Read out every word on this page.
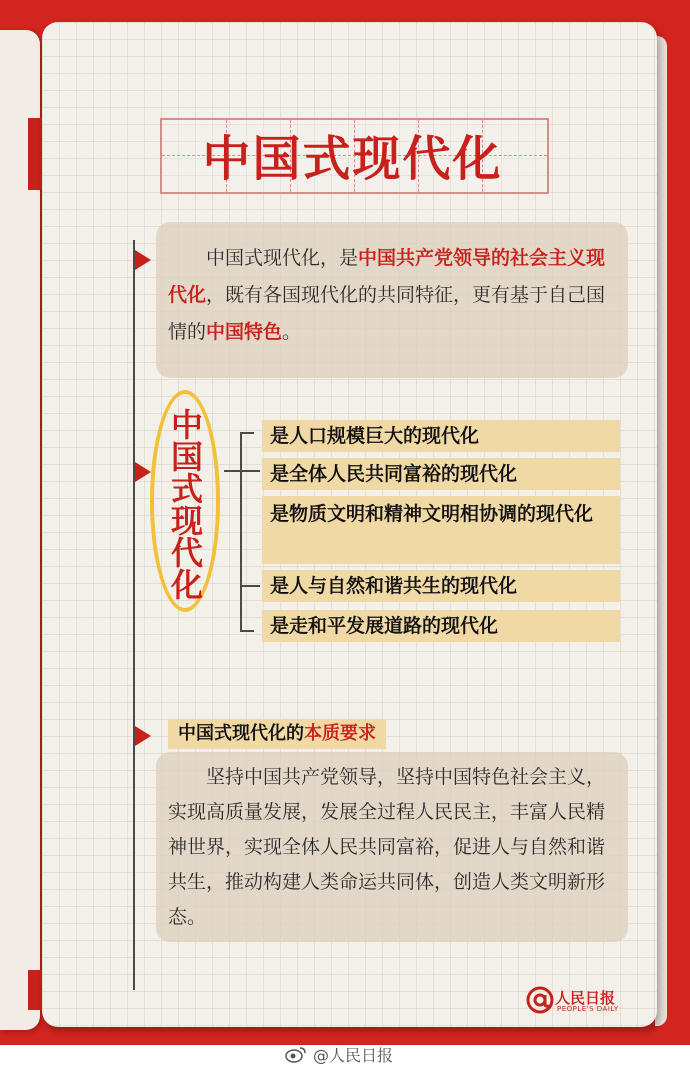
中国式现代化
中国式现代化，是中国共产党领导的社会主义现代化，既有各国现代化的共同特征，更有基于自己国情的中国特色。
中国式现代化	是人口规模巨大的现代化
是全体人民共同富裕的现代化
是物质文明和精神文明相协调的现代化
是人与自然和谐共生的现代化
是走和平发展道路的现代化
中国式现代化的本质要求
坚持中国共产党领导，坚持中国特色社会主义，实现高质量发展，发展全过程人民民主，丰富人民精神世界，实现全体人民共同富裕，促进人与自然和谐共生，推动构建人类命运共同体，创造人类文明新形态。
人民日报
PEOPLE'S DAILY
@人民日报
